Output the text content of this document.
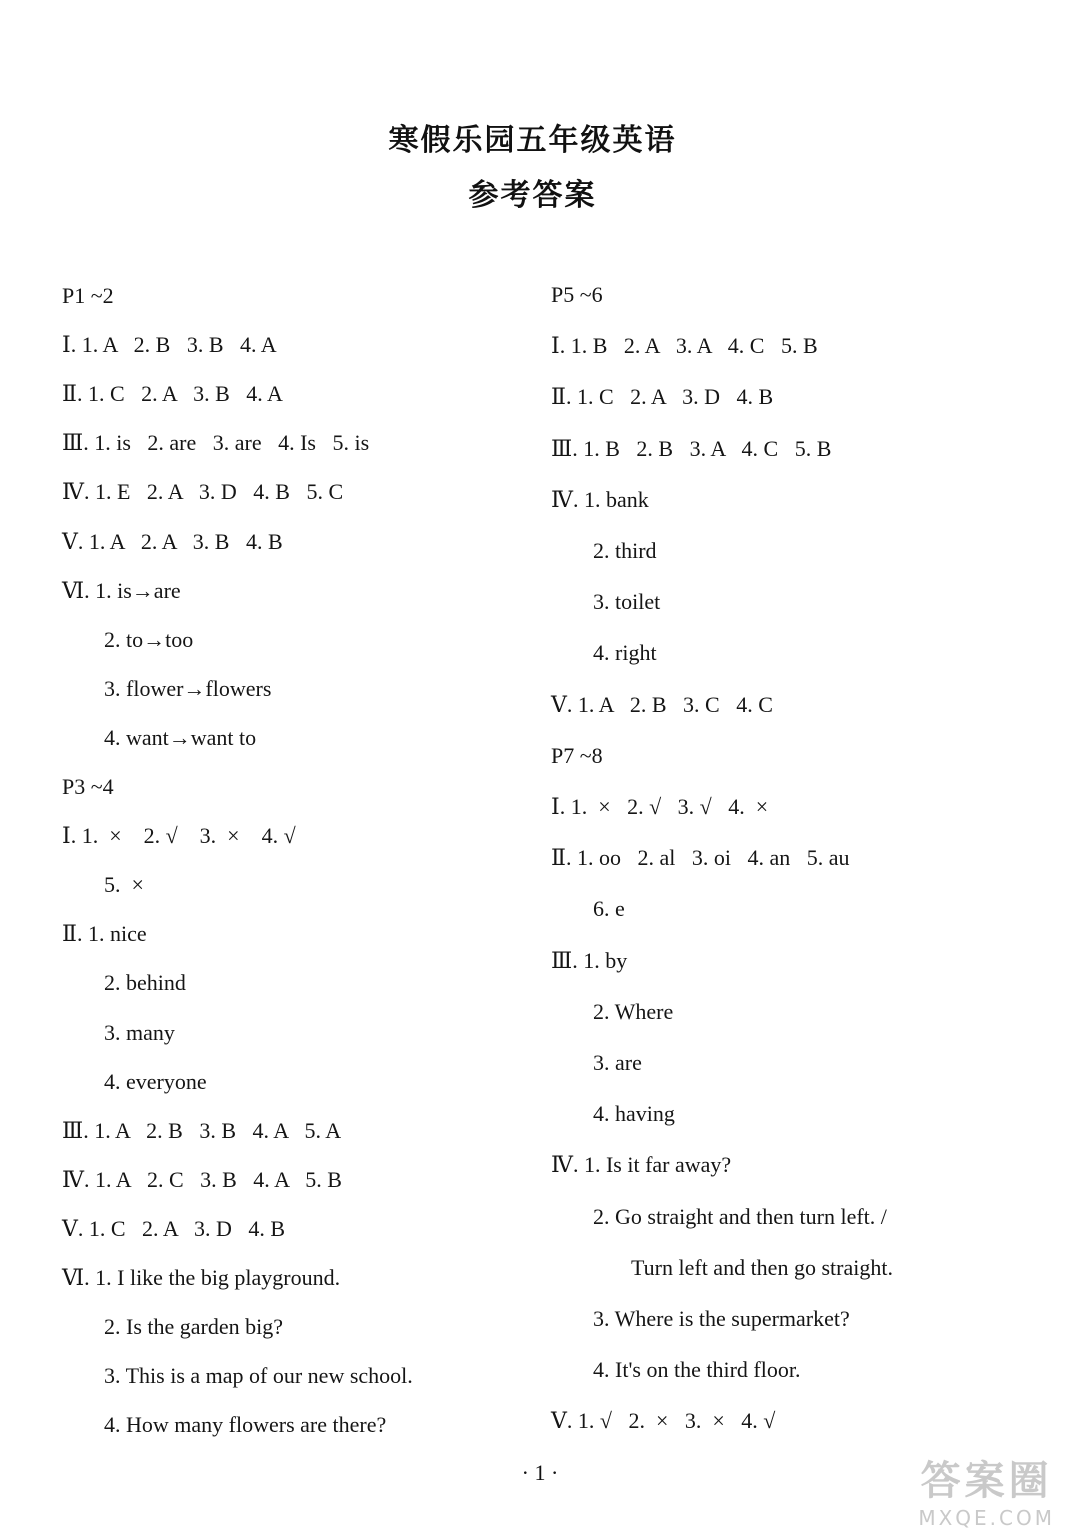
寒假乐园五年级英语
参考答案
P1 ~2
Ⅰ. 1. A   2. B   3. B   4. A
Ⅱ. 1. C   2. A   3. B   4. A
Ⅲ. 1. is   2. are   3. are   4. Is   5. is
Ⅳ. 1. E   2. A   3. D   4. B   5. C
Ⅴ. 1. A   2. A   3. B   4. B
Ⅵ. 1. is→are
2. to→too
3. flower→flowers
4. want→want to
P3 ~4
Ⅰ. 1.  ×    2. √    3.  ×    4. √
5.  ×
Ⅱ. 1. nice
2. behind
3. many
4. everyone
Ⅲ. 1. A   2. B   3. B   4. A   5. A
Ⅳ. 1. A   2. C   3. B   4. A   5. B
Ⅴ. 1. C   2. A   3. D   4. B
Ⅵ. 1. I like the big playground.
2. Is the garden big?
3. This is a map of our new school.
4. How many flowers are there?
P5 ~6
Ⅰ. 1. B   2. A   3. A   4. C   5. B
Ⅱ. 1. C   2. A   3. D   4. B
Ⅲ. 1. B   2. B   3. A   4. C   5. B
Ⅳ. 1. bank
2. third
3. toilet
4. right
Ⅴ. 1. A   2. B   3. C   4. C
P7 ~8
Ⅰ. 1.  ×   2. √   3. √   4.  ×
Ⅱ. 1. oo   2. al   3. oi   4. an   5. au
6. e
Ⅲ. 1. by
2. Where
3. are
4. having
Ⅳ. 1. Is it far away?
2. Go straight and then turn left. /
Turn left and then go straight.
3. Where is the supermarket?
4. It's on the third floor.
Ⅴ. 1. √   2.  ×   3.  ×   4. √
· 1 ·	答案圈
MXQE.COM
